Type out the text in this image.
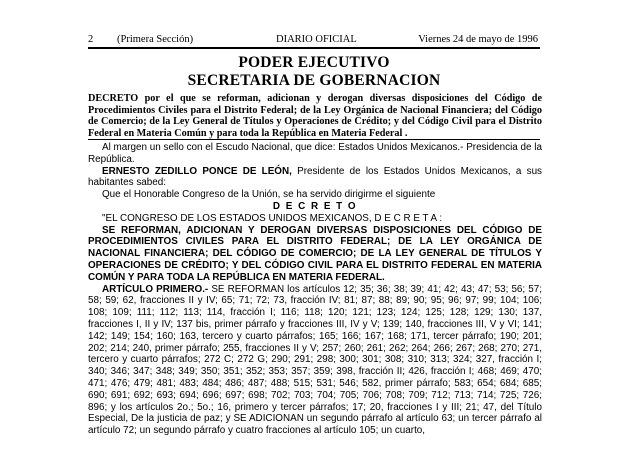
2 (Primera Sección)	DIARIO OFICIAL	Viernes 24 de mayo de 1996
PODER EJECUTIVO
SECRETARIA DE GOBERNACION
DECRETO por el que se reforman, adicionan y derogan diversas disposiciones del Código de Procedimientos Civiles para el Distrito Federal; de la Ley Orgánica de Nacional Financiera; del Código de Comercio; de la Ley General de Títulos y Operaciones de Crédito; y del Código Civil para el Distrito Federal en Materia Común y para toda la República en Materia Federal .

Al margen un sello con el Escudo Nacional, que dice: Estados Unidos Mexicanos.- Presidencia de la República.

ERNESTO ZEDILLO PONCE DE LEÓN, Presidente de los Estados Unidos Mexicanos, a sus habitantes sabed:

Que el Honorable Congreso de la Unión, se ha servido dirigirme el siguiente

D E C R E T O

"EL CONGRESO DE LOS ESTADOS UNIDOS MEXICANOS, D E C R E T A :

SE REFORMAN, ADICIONAN Y DEROGAN DIVERSAS DISPOSICIONES DEL CÓDIGO DE PROCEDIMIENTOS CIVILES PARA EL DISTRITO FEDERAL; DE LA LEY ORGÁNICA DE NACIONAL FINANCIERA; DEL CÓDIGO DE COMERCIO; DE LA LEY GENERAL DE TÍTULOS Y OPERACIONES DE CRÉDITO; Y DEL CÓDIGO CIVIL PARA EL DISTRITO FEDERAL EN MATERIA COMÚN Y PARA TODA LA REPÚBLICA EN MATERIA FEDERAL.

ARTÍCULO PRIMERO.- SE REFORMAN los artículos 12; 35; 36; 38; 39; 41; 42; 43; 47; 53; 56; 57; 58; 59; 62, fracciones II y IV; 65; 71; 72; 73, fracción IV; 81; 87; 88; 89; 90; 95; 96; 97; 99; 104; 106; 108; 109; 111; 112; 113; 114, fracción I; 116; 118; 120; 121; 123; 124; 125; 128; 129; 130; 137, fracciones I, II y IV; 137 bis, primer párrafo y fracciones III, IV y V; 139; 140, fracciones III, V y VI; 141; 142; 149; 154; 160; 163, tercero y cuarto párrafos; 165; 166; 167; 168; 171, tercer párrafo; 190; 201; 202; 214; 240, primer párrafo; 255, fracciones II y V; 257; 260; 261; 262; 264; 266; 267; 268; 270; 271, tercero y cuarto párrafos; 272 C; 272 G; 290; 291; 298; 300; 301; 308; 310; 313; 324; 327, fracción I; 340; 346; 347; 348; 349; 350; 351; 352; 353; 357; 359; 398, fracción II; 426, fracción I; 468; 469; 470; 471; 476; 479; 481; 483; 484; 486; 487; 488; 515; 531; 546; 582, primer párrafo; 583; 654; 684; 685; 690; 691; 692; 693; 694; 696; 697; 698; 702; 703; 704; 705; 706; 708; 709; 712; 713; 714; 725; 726; 896; y los artículos 2o.; 5o.; 16, primero y tercer párrafos; 17; 20, fracciones I y III; 21; 47, del Título Especial, De la justicia de paz; y SE ADICIONAN un segundo párrafo al artículo 63; un tercer párrafo al artículo 72; un segundo párrafo y cuatro fracciones al artículo 105; un cuarto,
